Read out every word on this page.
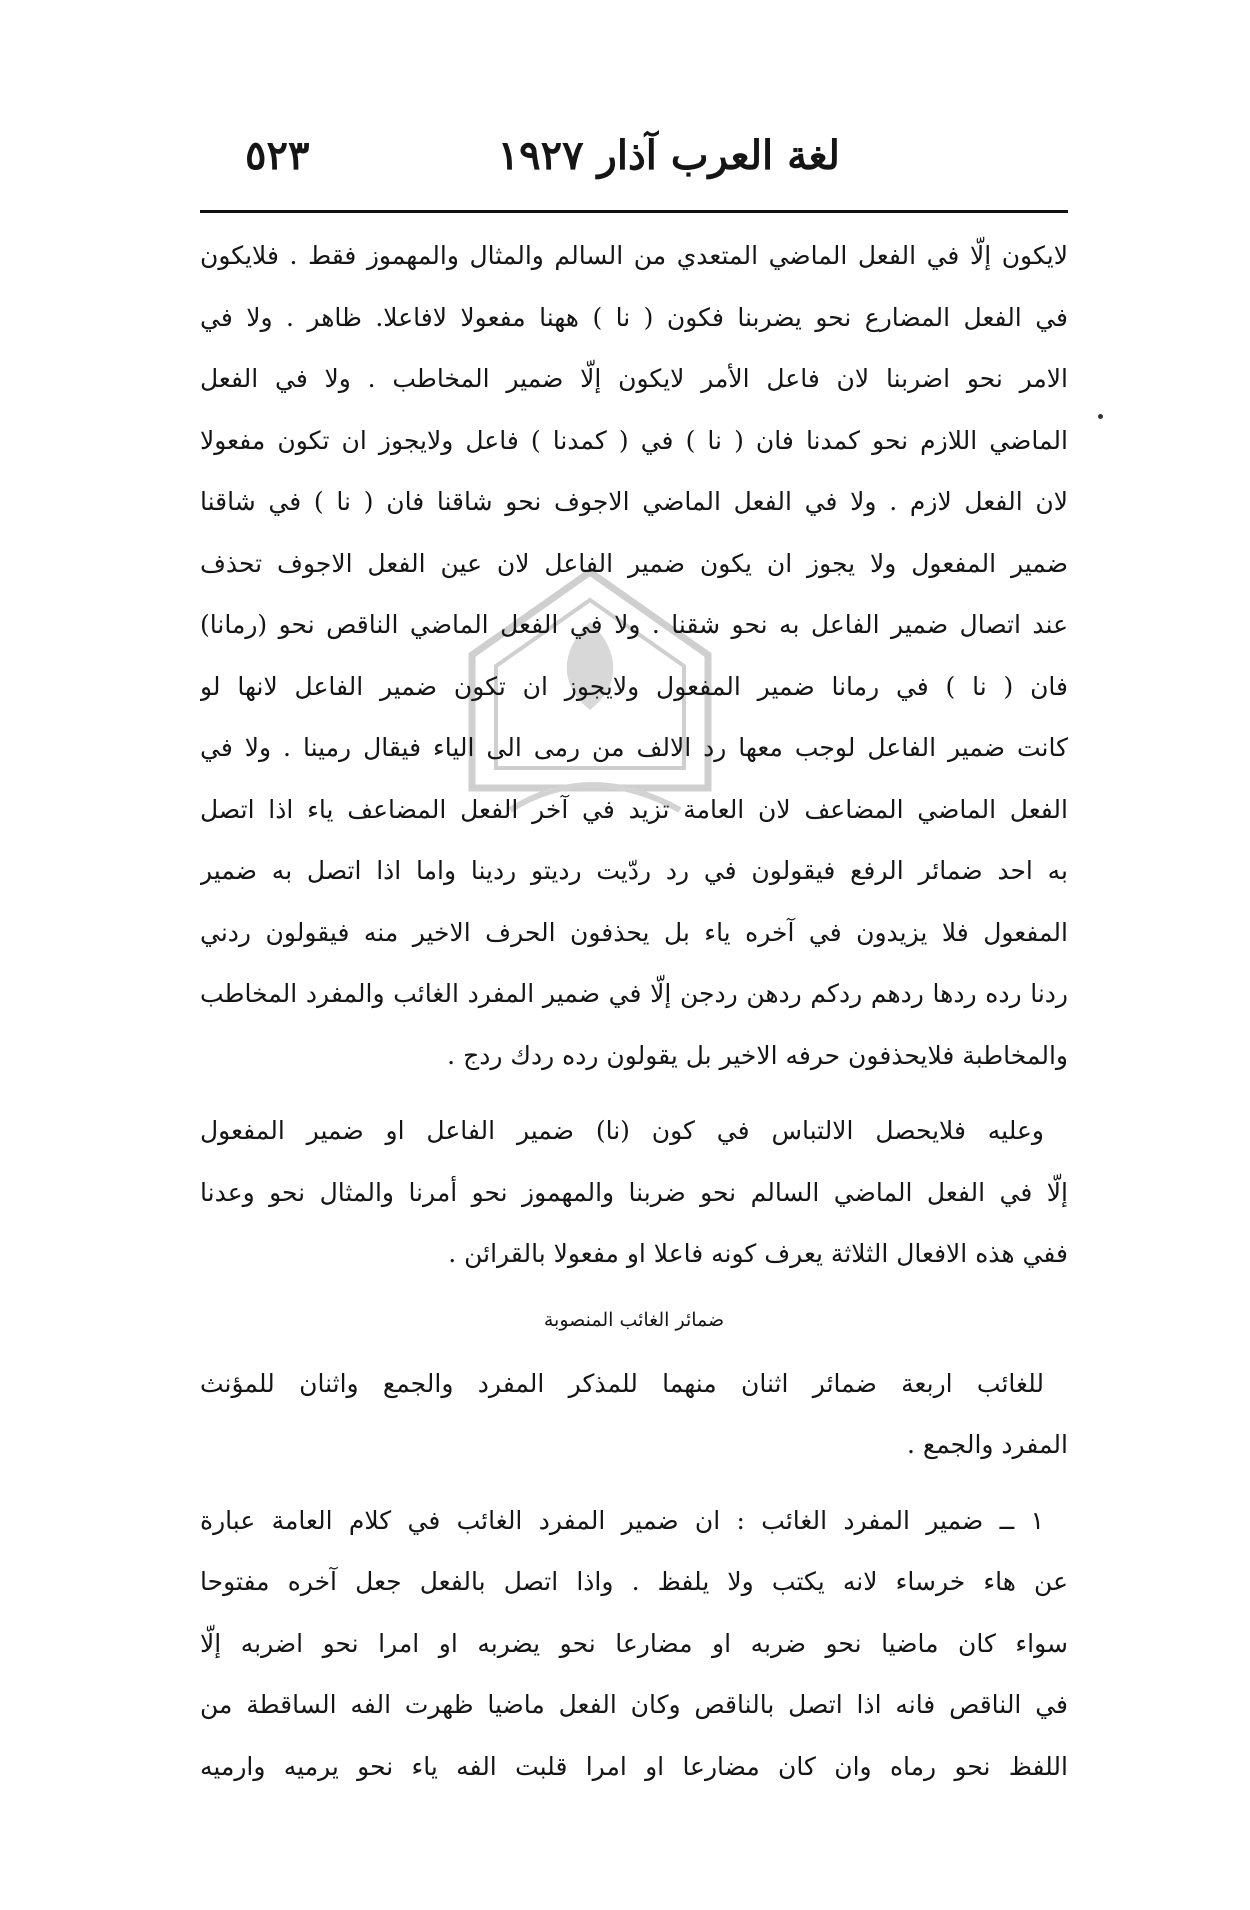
لغة العرب آذار ١٩٢٧
٥٢٣
لايكون إلّا في الفعل الماضي المتعدي من السالم والمثال والمهموز فقط . فلايكون
في الفعل المضارع نحو يضربنا فكون ( نا ) ههنا مفعولا لافاعلا. ظاهر . ولا في
الامر نحو اضربنا لان فاعل الأمر لايكون إلّا ضمير المخاطب . ولا في الفعل
الماضي اللازم نحو كمدنا فان ( نا ) في ( كمدنا ) فاعل ولايجوز ان تكون مفعولا
لان الفعل لازم . ولا في الفعل الماضي الاجوف نحو شاقنا فان ( نا ) في شاقنا
ضمير المفعول ولا يجوز ان يكون ضمير الفاعل لان عين الفعل الاجوف تحذف
عند اتصال ضمير الفاعل به نحو شقنا . ولا في الفعل الماضي الناقص نحو (رمانا)
فان ( نا ) في رمانا ضمير المفعول ولايجوز ان تكون ضمير الفاعل لانها لو
كانت ضمير الفاعل لوجب معها رد الالف من رمى الى الياء فيقال رمينا . ولا في
الفعل الماضي المضاعف لان العامة تزيد في آخر الفعل المضاعف ياء اذا اتصل
به احد ضمائر الرفع فيقولون في رد ردّيت رديتو ردينا واما اذا اتصل به ضمير
المفعول فلا يزيدون في آخره ياء بل يحذفون الحرف الاخير منه فيقولون ردني
ردنا رده ردها ردهم ردكم ردهن ردجن إلّا في ضمير المفرد الغائب والمفرد المخاطب
والمخاطبة فلايحذفون حرفه الاخير بل يقولون رده ردك ردج .
وعليه فلايحصل الالتباس في كون (نا) ضمير الفاعل او ضمير المفعول
إلّا في الفعل الماضي السالم نحو ضربنا والمهموز نحو أمرنا والمثال نحو وعدنا
ففي هذه الافعال الثلاثة يعرف كونه فاعلا او مفعولا بالقرائن .
ضمائر الغائب المنصوبة
للغائب اربعة ضمائر اثنان منهما للمذكر المفرد والجمع واثنان للمؤنث
المفرد والجمع .
١ ــ ضمير المفرد الغائب : ان ضمير المفرد الغائب في كلام العامة عبارة
عن هاء خرساء لانه يكتب ولا يلفظ . واذا اتصل بالفعل جعل آخره مفتوحا
سواء كان ماضيا نحو ضربه او مضارعا نحو يضربه او امرا نحو اضربه إلّا
في الناقص فانه اذا اتصل بالناقص وكان الفعل ماضيا ظهرت الفه الساقطة من
اللفظ نحو رماه وان كان مضارعا او امرا قلبت الفه ياء نحو يرميه وارميه
